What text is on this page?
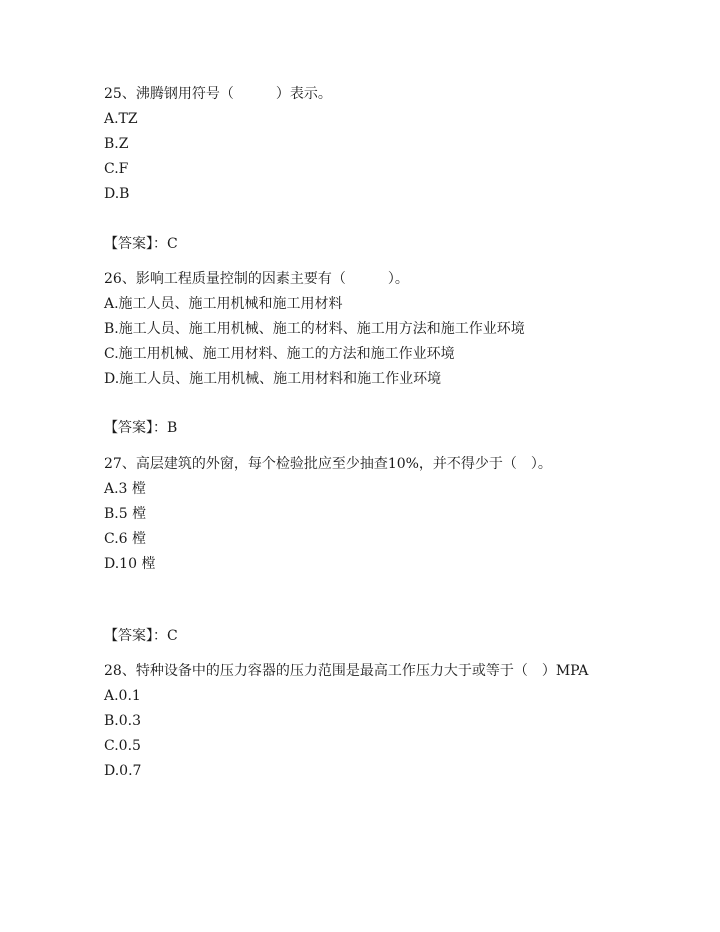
25、沸腾钢用符号（　　　）表示。

A.TZ

B.Z

C.F

D.B

【答案】：C

26、影响工程质量控制的因素主要有（　　　）。

A.施工人员、施工用机械和施工用材料

B.施工人员、施工用机械、施工的材料、施工用方法和施工作业环境

C.施工用机械、施工用材料、施工的方法和施工作业环境

D.施工人员、施工用机械、施工用材料和施工作业环境

【答案】：B

27、高层建筑的外窗，每个检验批应至少抽查10%，并不得少于（　）。

A.3 樘

B.5 樘

C.6 樘

D.10 樘

【答案】：C

28、特种设备中的压力容器的压力范围是最高工作压力大于或等于（　）MPA

A.0.1

B.0.3

C.0.5

D.0.7
